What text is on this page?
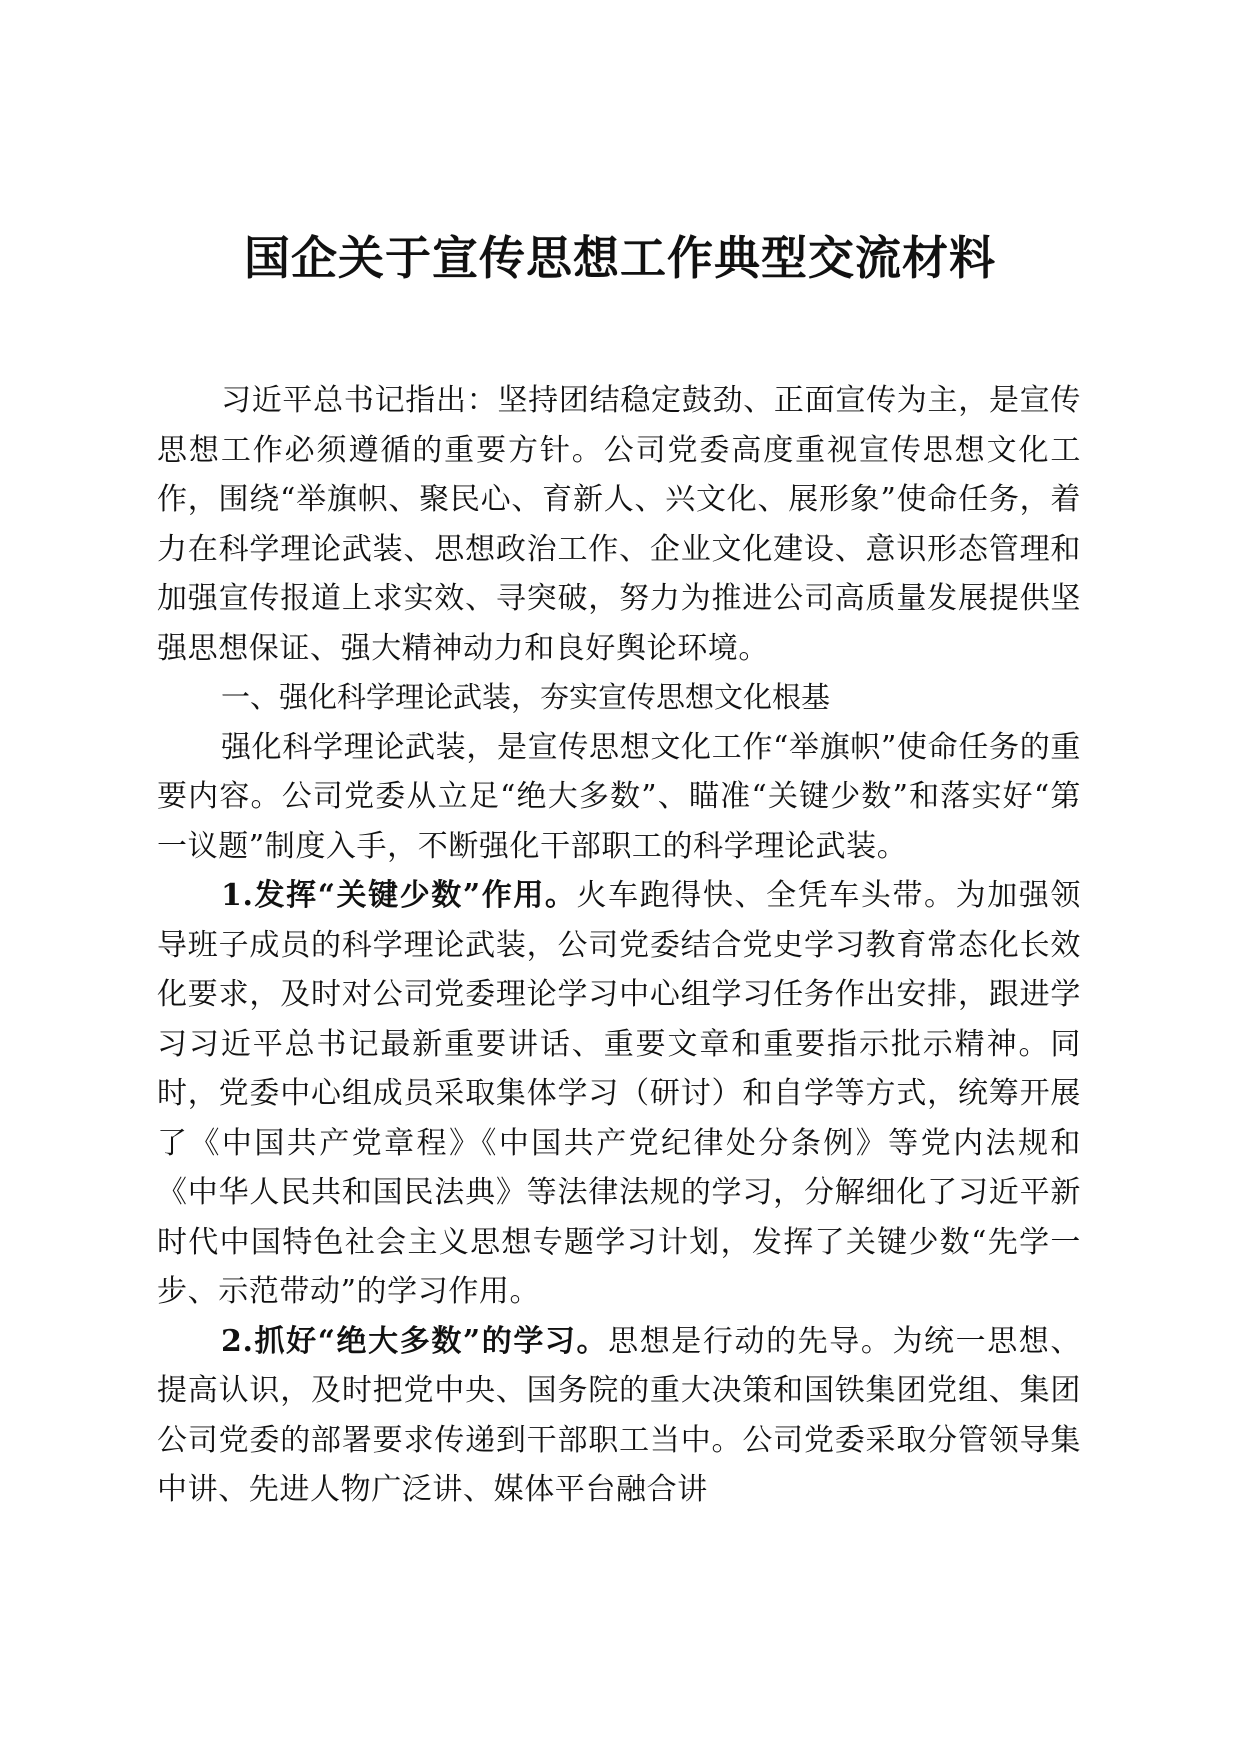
国企关于宣传思想工作典型交流材料

习近平总书记指出：坚持团结稳定鼓劲、正面宣传为主，是宣传思想工作必须遵循的重要方针。公司党委高度重视宣传思想文化工作，围绕“举旗帜、聚民心、育新人、兴文化、展形象”使命任务，着力在科学理论武装、思想政治工作、企业文化建设、意识形态管理和加强宣传报道上求实效、寻突破，努力为推进公司高质量发展提供坚强思想保证、强大精神动力和良好舆论环境。

一、强化科学理论武装，夯实宣传思想文化根基

强化科学理论武装，是宣传思想文化工作“举旗帜”使命任务的重要内容。公司党委从立足“绝大多数”、瞄准“关键少数”和落实好“第一议题”制度入手，不断强化干部职工的科学理论武装。

1.发挥“关键少数”作用。火车跑得快、全凭车头带。为加强领导班子成员的科学理论武装，公司党委结合党史学习教育常态化长效化要求，及时对公司党委理论学习中心组学习任务作出安排，跟进学习习近平总书记最新重要讲话、重要文章和重要指示批示精神。同时，党委中心组成员采取集体学习（研讨）和自学等方式，统筹开展了《中国共产党章程》《中国共产党纪律处分条例》等党内法规和《中华人民共和国民法典》等法律法规的学习，分解细化了习近平新时代中国特色社会主义思想专题学习计划，发挥了关键少数“先学一步、示范带动”的学习作用。

2.抓好“绝大多数”的学习。思想是行动的先导。为统一思想、提高认识，及时把党中央、国务院的重大决策和国铁集团党组、集团公司党委的部署要求传递到干部职工当中。公司党委采取分管领导集中讲、先进人物广泛讲、媒体平台融合讲
